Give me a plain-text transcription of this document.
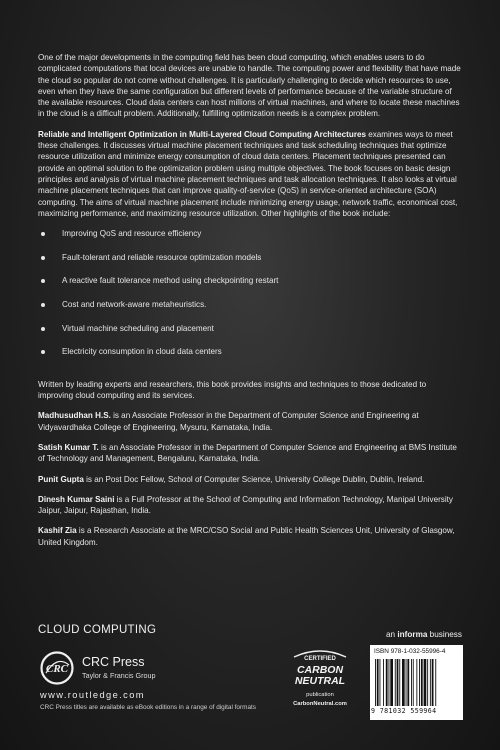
One of the major developments in the computing field has been cloud computing, which enables users to do complicated computations that local devices are unable to handle. The computing power and flexibility that have made the cloud so popular do not come without challenges. It is particularly challenging to decide which resources to use, even when they have the same configuration but different levels of performance because of the variable structure of the available resources. Cloud data centers can host millions of virtual machines, and where to locate these machines in the cloud is a difficult problem. Additionally, fulfilling optimization needs is a complex problem.

Reliable and Intelligent Optimization in Multi-Layered Cloud Computing Architectures examines ways to meet these challenges. It discusses virtual machine placement techniques and task scheduling techniques that optimize resource utilization and minimize energy consumption of cloud data centers. Placement techniques presented can provide an optimal solution to the optimization problem using multiple objectives. The book focuses on basic design principles and analysis of virtual machine placement techniques and task allocation techniques. It also looks at virtual machine placement techniques that can improve quality-of-service (QoS) in service-oriented architecture (SOA) computing. The aims of virtual machine placement include minimizing energy usage, network traffic, economical cost, maximizing performance, and maximizing resource utilization. Other highlights of the book include:

Improving QoS and resource efficiency
Fault-tolerant and reliable resource optimization models
A reactive fault tolerance method using checkpointing restart
Cost and network-aware metaheuristics.
Virtual machine scheduling and placement
Electricity consumption in cloud data centers

Written by leading experts and researchers, this book provides insights and techniques to those dedicated to improving cloud computing and its services.

Madhusudhan H.S. is an Associate Professor in the Department of Computer Science and Engineering at Vidyavardhaka College of Engineering, Mysuru, Karnataka, India.

Satish Kumar T. is an Associate Professor in the Department of Computer Science and Engineering at BMS Institute of Technology and Management, Bengaluru, Karnataka, India.

Punit Gupta is an Post Doc Fellow, School of Computer Science, University College Dublin, Dublin, Ireland.

Dinesh Kumar Saini is a Full Professor at the School of Computing and Information Technology, Manipal University Jaipur, Jaipur, Rajasthan, India.

Kashif Zia is a Research Associate at the MRC/CSO Social and Public Health Sciences Unit, University of Glasgow, United Kingdom.

CLOUD COMPUTING	an informa business
CRC CRC Press
Taylor & Francis Group
www.routledge.com
CRC Press titles are available as eBook editions in a range of digital formats
CERTIFIED
CARBON
NEUTRAL
publication
CarbonNeutral.com
ISBN 978-1-032-55996-4
9 781032 559964
